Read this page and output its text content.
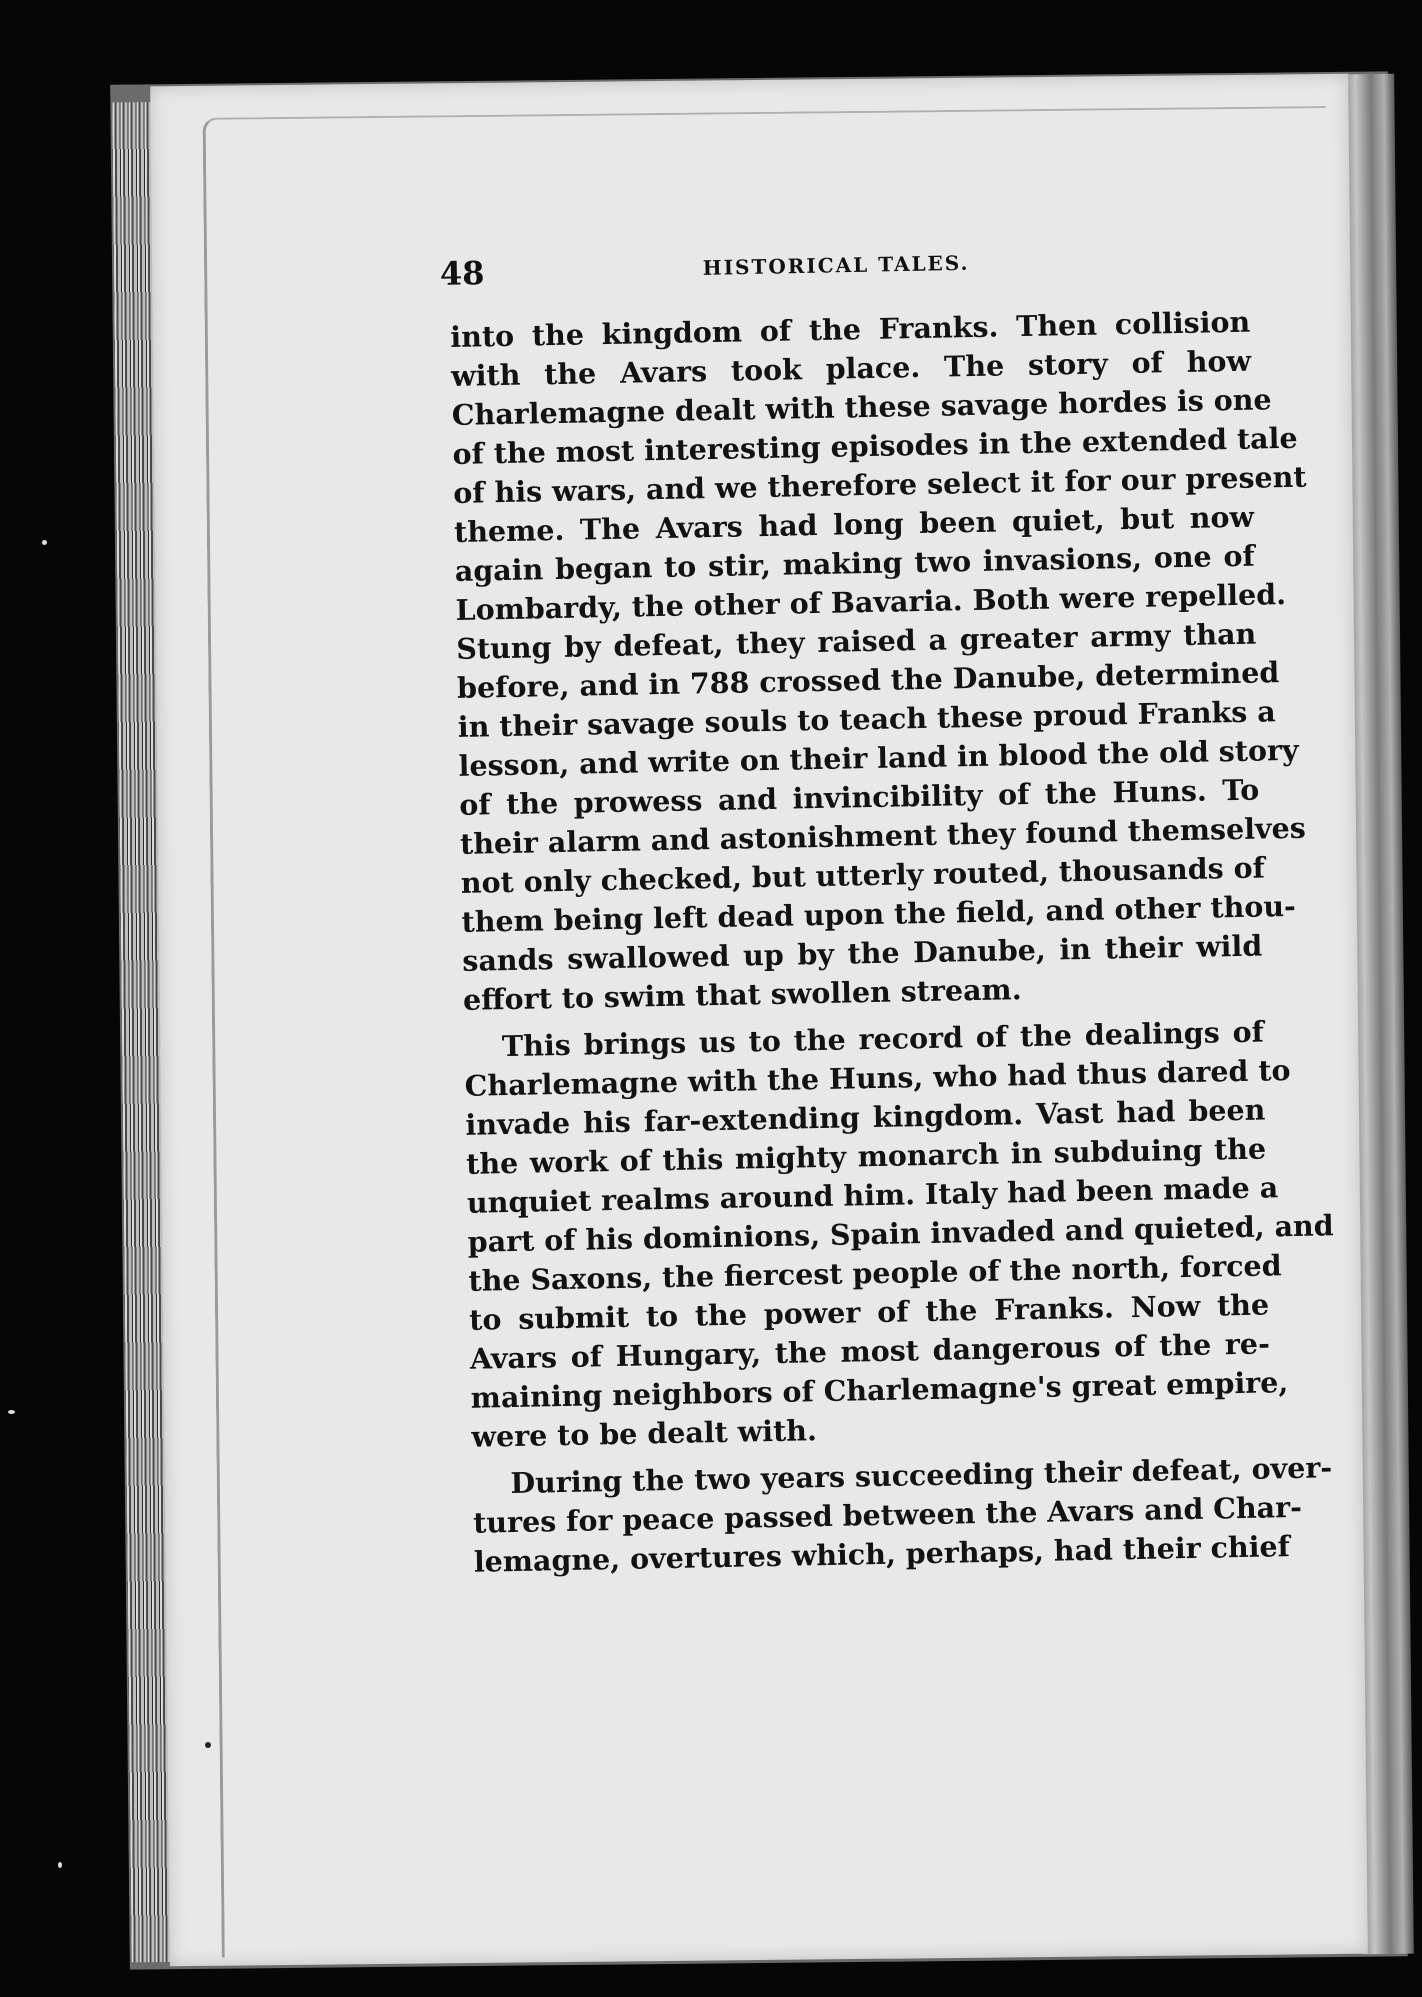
48	HISTORICAL TALES.
into the kingdom of the Franks. Then collision
with the Avars took place. The story of how
Charlemagne dealt with these savage hordes is one
of the most interesting episodes in the extended tale
of his wars, and we therefore select it for our present
theme. The Avars had long been quiet, but now
again began to stir, making two invasions, one of
Lombardy, the other of Bavaria. Both were repelled.
Stung by defeat, they raised a greater army than
before, and in 788 crossed the Danube, determined
in their savage souls to teach these proud Franks a
lesson, and write on their land in blood the old story
of the prowess and invincibility of the Huns. To
their alarm and astonishment they found themselves
not only checked, but utterly routed, thousands of
them being left dead upon the field, and other thou-
sands swallowed up by the Danube, in their wild
effort to swim that swollen stream.
This brings us to the record of the dealings of
Charlemagne with the Huns, who had thus dared to
invade his far-extending kingdom. Vast had been
the work of this mighty monarch in subduing the
unquiet realms around him. Italy had been made a
part of his dominions, Spain invaded and quieted, and
the Saxons, the fiercest people of the north, forced
to submit to the power of the Franks. Now the
Avars of Hungary, the most dangerous of the re-
maining neighbors of Charlemagne's great empire,
were to be dealt with.
During the two years succeeding their defeat, over-
tures for peace passed between the Avars and Char-
lemagne, overtures which, perhaps, had their chief
